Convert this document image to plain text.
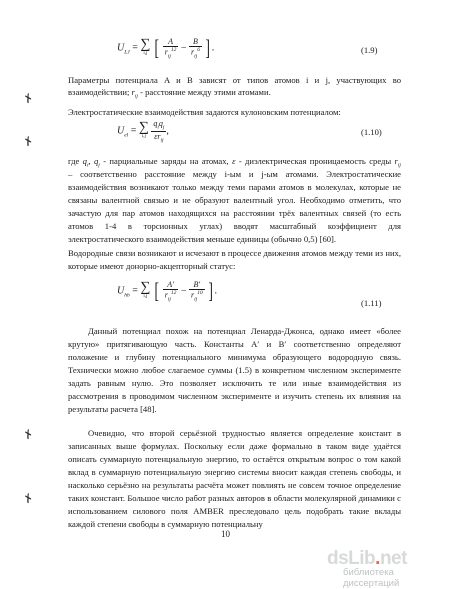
✗
✗
✗
✗
$U_{LJ}$ = ∑
i,j [ $\frac{A}{r_{ij}^{12}} - \frac{B}{r_{ij}^6}$ ].	(1.9)
Параметры потенциала A и B зависят от типов атомов i и j, участвующих во
взаимодействии; $r_{ij}$ - расстояние между этими атомами.
Электростатические взаимодействия задаются кулоновским потенциалом:
$U_{el}$ = ∑
i,j
$\frac{q_iq_j}{\varepsilon r_{ij}}$ ,	(1.10)
где $q_i$, $q_j$ - парциальные заряды на атомах, ε - диэлектрическая проницаемость среды $r_{ij}$
– соответственно расстояние между i-ым и j-ым атомами. Электростатические
взаимодействия возникают только между теми парами атомов в молекулах, которые не
связаны валентной связью и не образуют валентный угол. Необходимо отметить, что
зачастую для пар атомов находящихся на расстоянии трёх валентных связей (то есть
атомов 1-4 в торсионных углах) вводят масштабный коэффициент для
электростатического взаимодействия меньше единицы (обычно 0,5) [60].
Водородные связи возникают и исчезают в процессе движения атомов между теми из них,
которые имеют донорно-акцепторный статус:
$U_{hb}$ = ∑
i,j [ $\frac{A'}{r_{ij}^{12}} - \frac{B'}{r_{ij}^{10}}$ ].
(1.11)
Данный потенциал похож на потенциал Ленарда-Джонса, однако имеет «более
крутую» притягивающую часть. Константы A′ и B′ соответственно определяют
положение и глубину потенциального минимума образующего водородную связь.
Технически можно любое слагаемое суммы (1.5) в конкретном численном эксперименте
задать равным нулю. Это позволяет исключить те или иные взаимодействия из
рассмотрения в проводимом численном эксперименте и изучить степень их влияния на
результаты расчета [48].
Очевидно, что второй серьёзной трудностью является определение констант в
записанных выше формулах. Поскольку если даже формально в таком виде удаётся
описать суммарную потенциальную энергию, то остаётся открытым вопрос о том какой
вклад в суммарную потенциальную энергию системы вносит каждая степень свободы, и
насколько серьёзно на результаты расчёта может повлиять не совсем точное определение
таких констант. Большое число работ разных авторов в области молекулярной динамики с
использованием силового поля AMBER преследовало цель подобрать такие вклады
каждой степени свободы в суммарную потенциальну
10
dsLib.net
библиотека диссертаций
